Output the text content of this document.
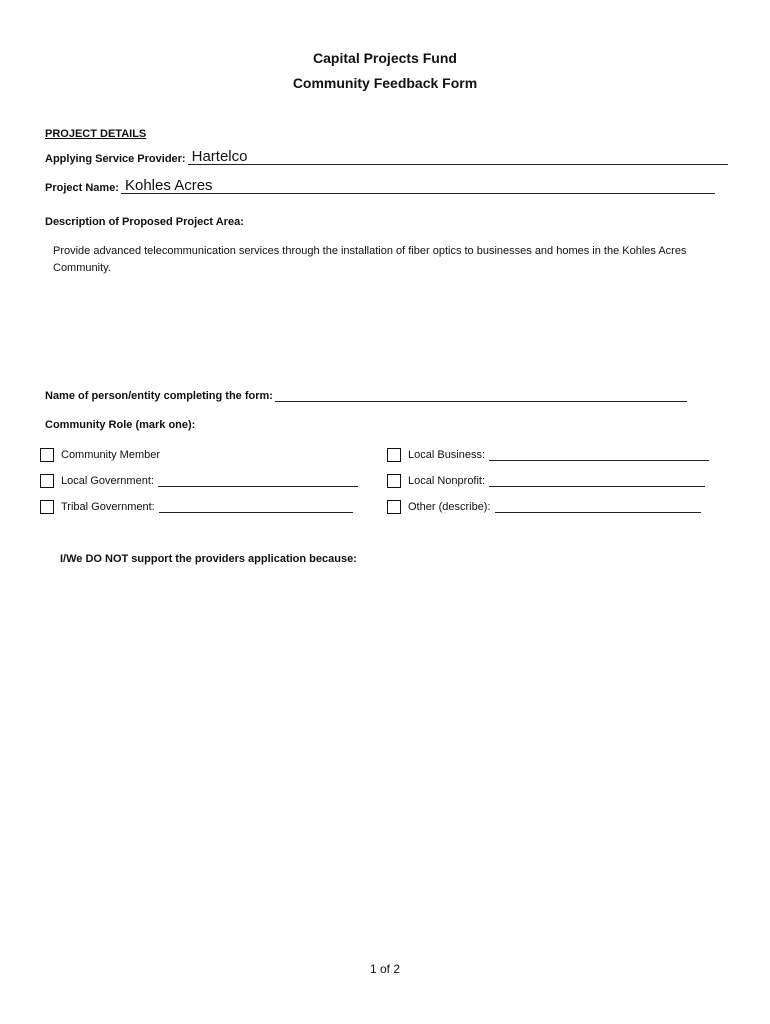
Capital Projects Fund
Community Feedback Form
PROJECT DETAILS
Applying Service Provider: Hartelco
Project Name: Kohles Acres
Description of Proposed Project Area:
Provide advanced telecommunication services through the installation of fiber optics to businesses and homes in the Kohles Acres Community.
Name of person/entity completing the form:
Community Role (mark one):
Community Member	Local Business:
Local Government:	Local Nonprofit:
Tribal Government:	Other (describe):
I/We DO NOT support the providers application because:
1 of 2
